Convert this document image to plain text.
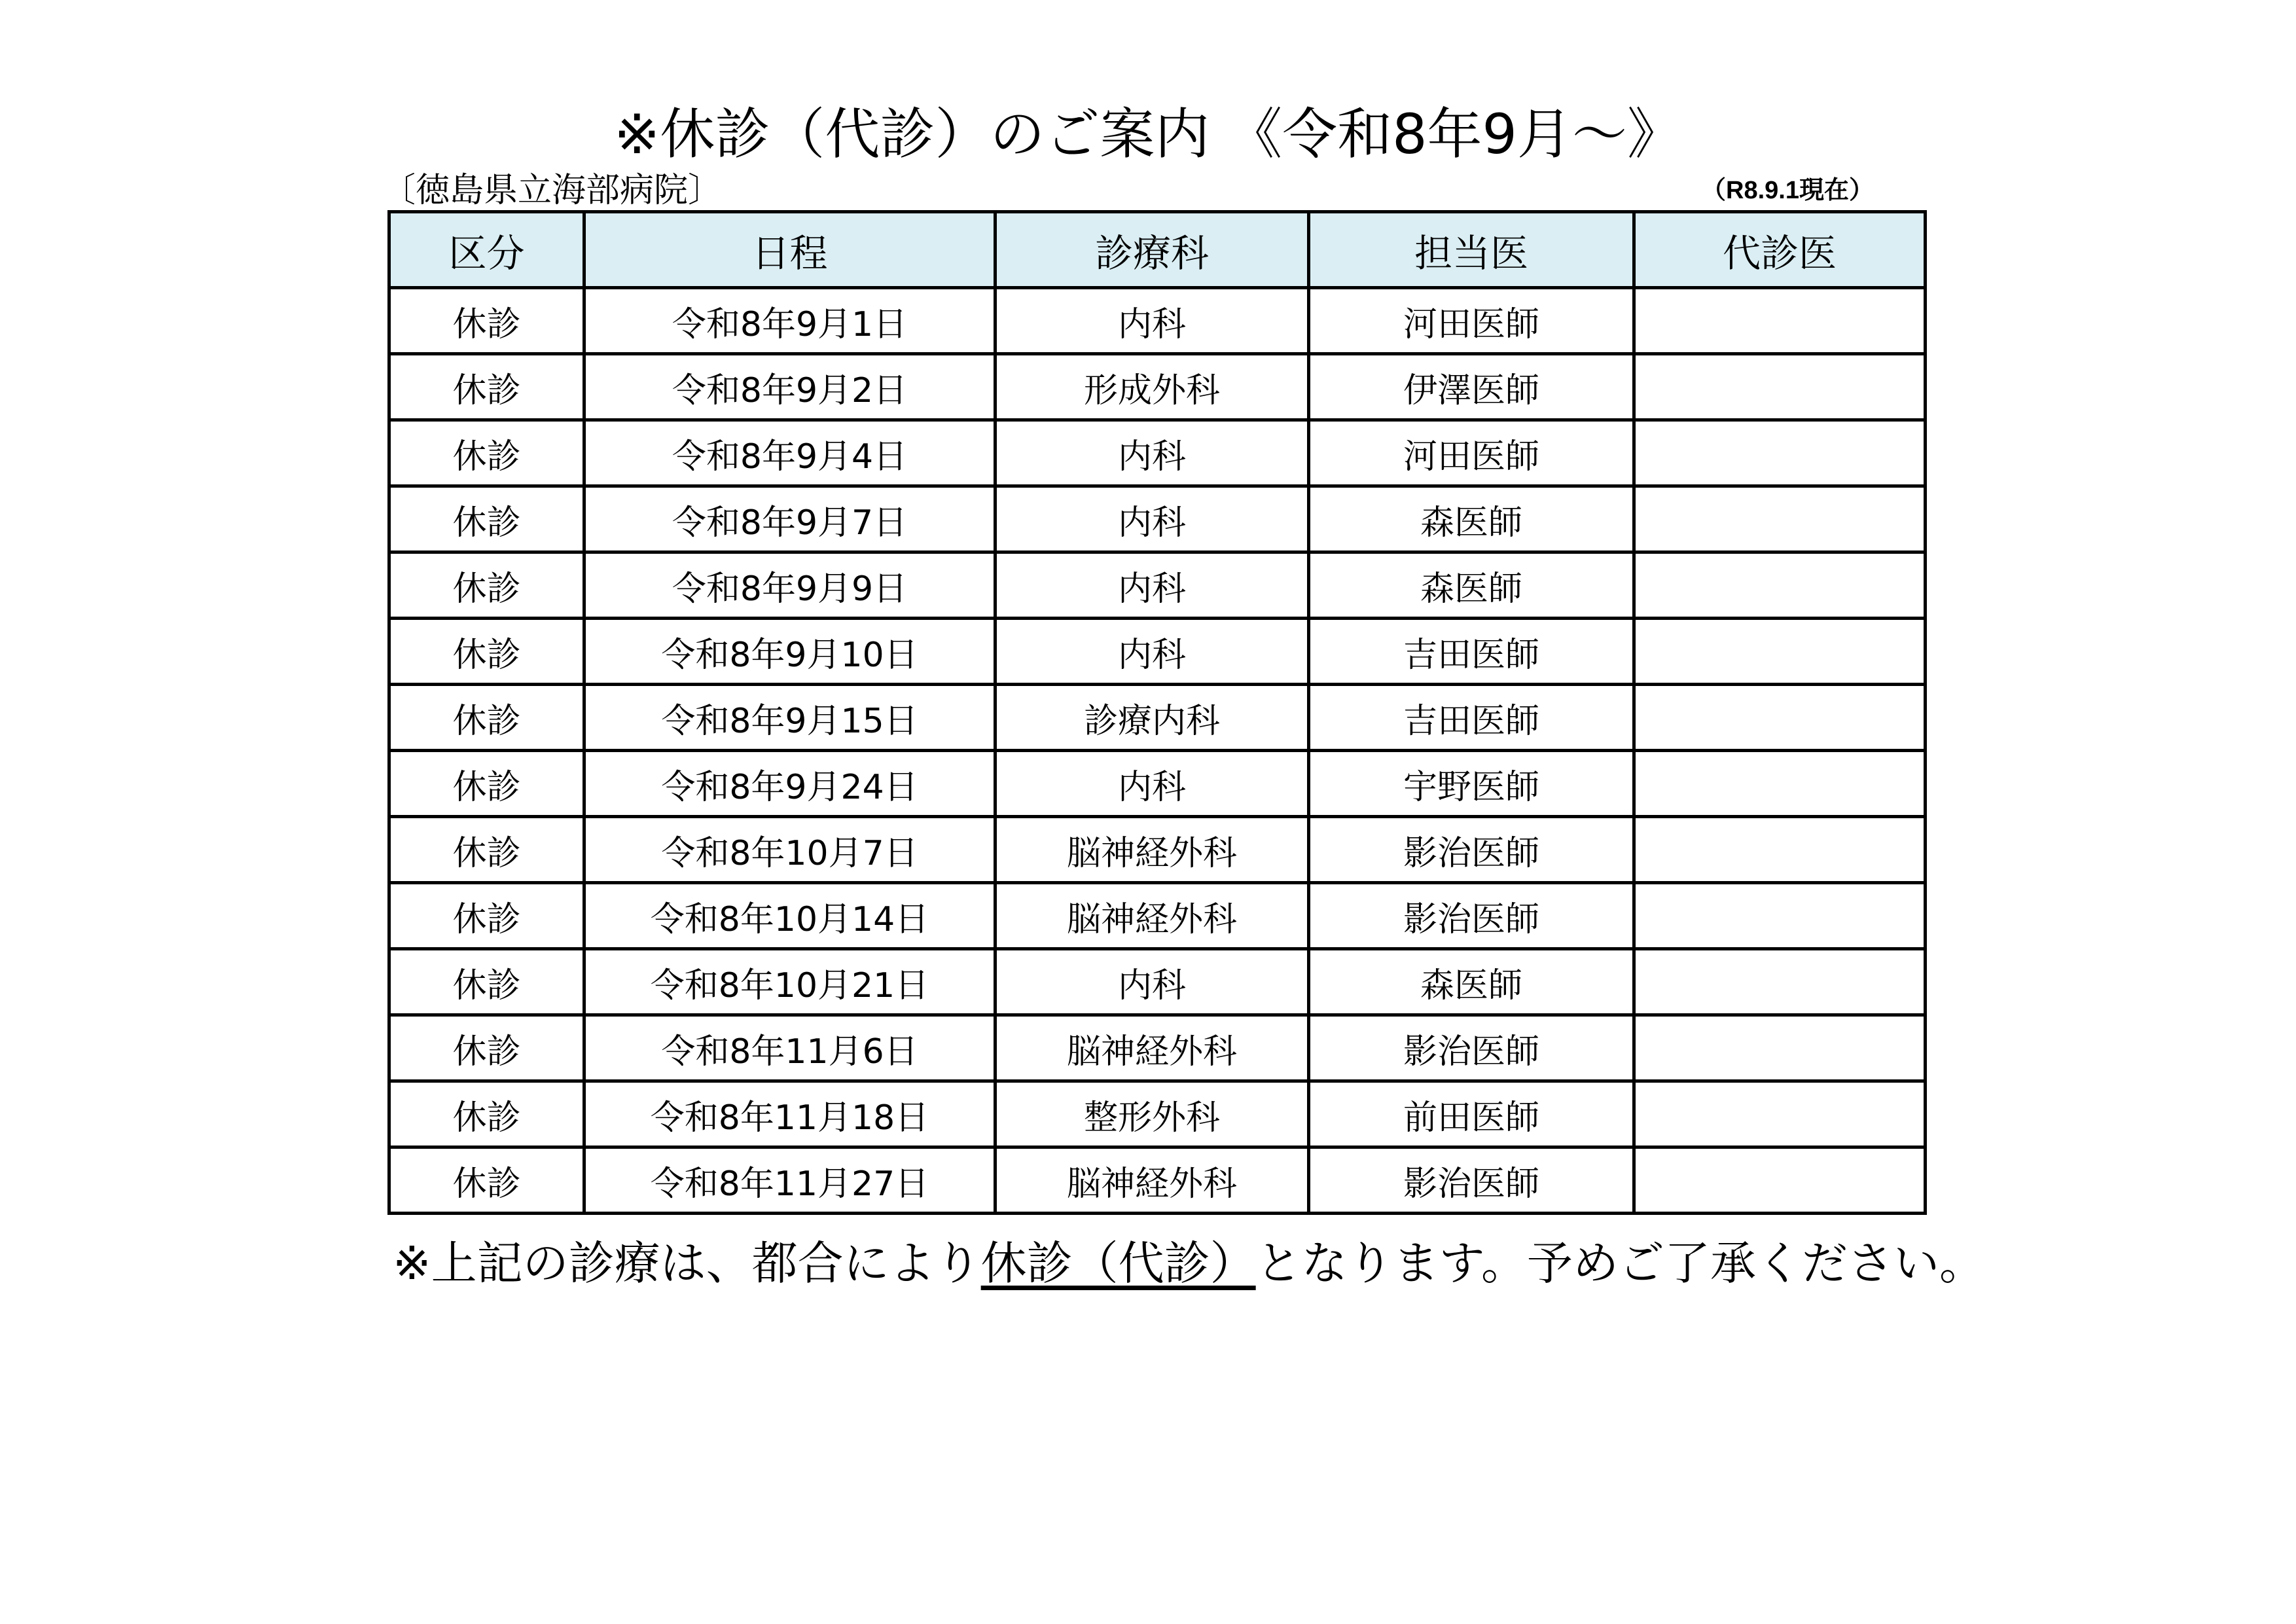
※休診（代診）のご案内 《令和8年9月～》
〔徳島県立海部病院〕	（R8.9.1現在）
区分	日程	診療科	担当医	代診医
休診	令和8年9月1日	内科	河田医師	
休診	令和8年9月2日	形成外科	伊澤医師	
休診	令和8年9月4日	内科	河田医師	
休診	令和8年9月7日	内科	森医師	
休診	令和8年9月9日	内科	森医師	
休診	令和8年9月10日	内科	吉田医師	
休診	令和8年9月15日	診療内科	吉田医師	
休診	令和8年9月24日	内科	宇野医師	
休診	令和8年10月7日	脳神経外科	影治医師	
休診	令和8年10月14日	脳神経外科	影治医師	
休診	令和8年10月21日	内科	森医師	
休診	令和8年11月6日	脳神経外科	影治医師	
休診	令和8年11月18日	整形外科	前田医師	
休診	令和8年11月27日	脳神経外科	影治医師	
※上記の診療は、都合により休診（代診）となります。予めご了承ください。
